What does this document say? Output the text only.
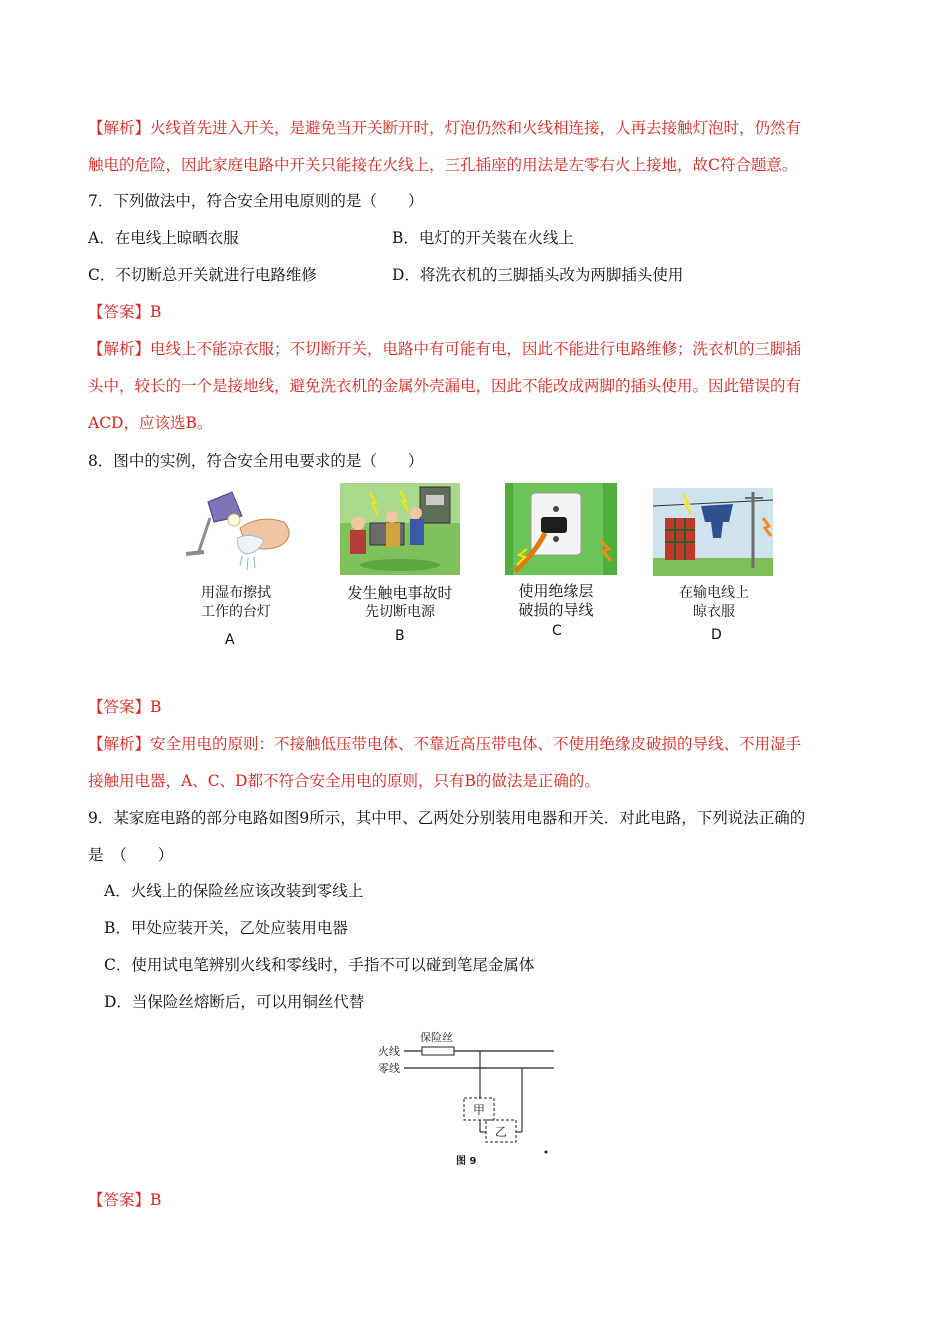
【解析】火线首先进入开关，是避免当开关断开时，灯泡仍然和火线相连接，人再去接触灯泡时，仍然有
触电的危险，因此家庭电路中开关只能接在火线上，三孔插座的用法是左零右火上接地，故C符合题意。
7．下列做法中，符合安全用电原则的是（　　）
A．在电线上晾晒衣服	B．电灯的开关装在火线上
C．不切断总开关就进行电路维修	D．将洗衣机的三脚插头改为两脚插头使用
【答案】B
【解析】电线上不能凉衣服；不切断开关，电路中有可能有电，因此不能进行电路维修；洗衣机的三脚插
头中，较长的一个是接地线，避免洗衣机的金属外壳漏电，因此不能改成两脚的插头使用。因此错误的有
ACD，应该选B。
8．图中的实例，符合安全用电要求的是（　　）
用湿布擦拭
工作的台灯
A
发生触电事故时
先切断电源
B
使用绝缘层
破损的导线
C
在输电线上
晾衣服
D
【答案】B
【解析】安全用电的原则：不接触低压带电体、不靠近高压带电体、不使用绝缘皮破损的导线、不用湿手
接触用电器，A、C、D都不符合安全用电的原则，只有B的做法是正确的。
9．某家庭电路的部分电路如图9所示，其中甲、乙两处分别装用电器和开关．对此电路，下列说法正确的
是　（　　）
A．火线上的保险丝应该改装到零线上
B．甲处应装开关，乙处应装用电器
C．使用试电笔辨别火线和零线时，手指不可以碰到笔尾金属体
D．当保险丝熔断后，可以用铜丝代替
保险丝
火线
零线
甲
乙
图 9
【答案】B
